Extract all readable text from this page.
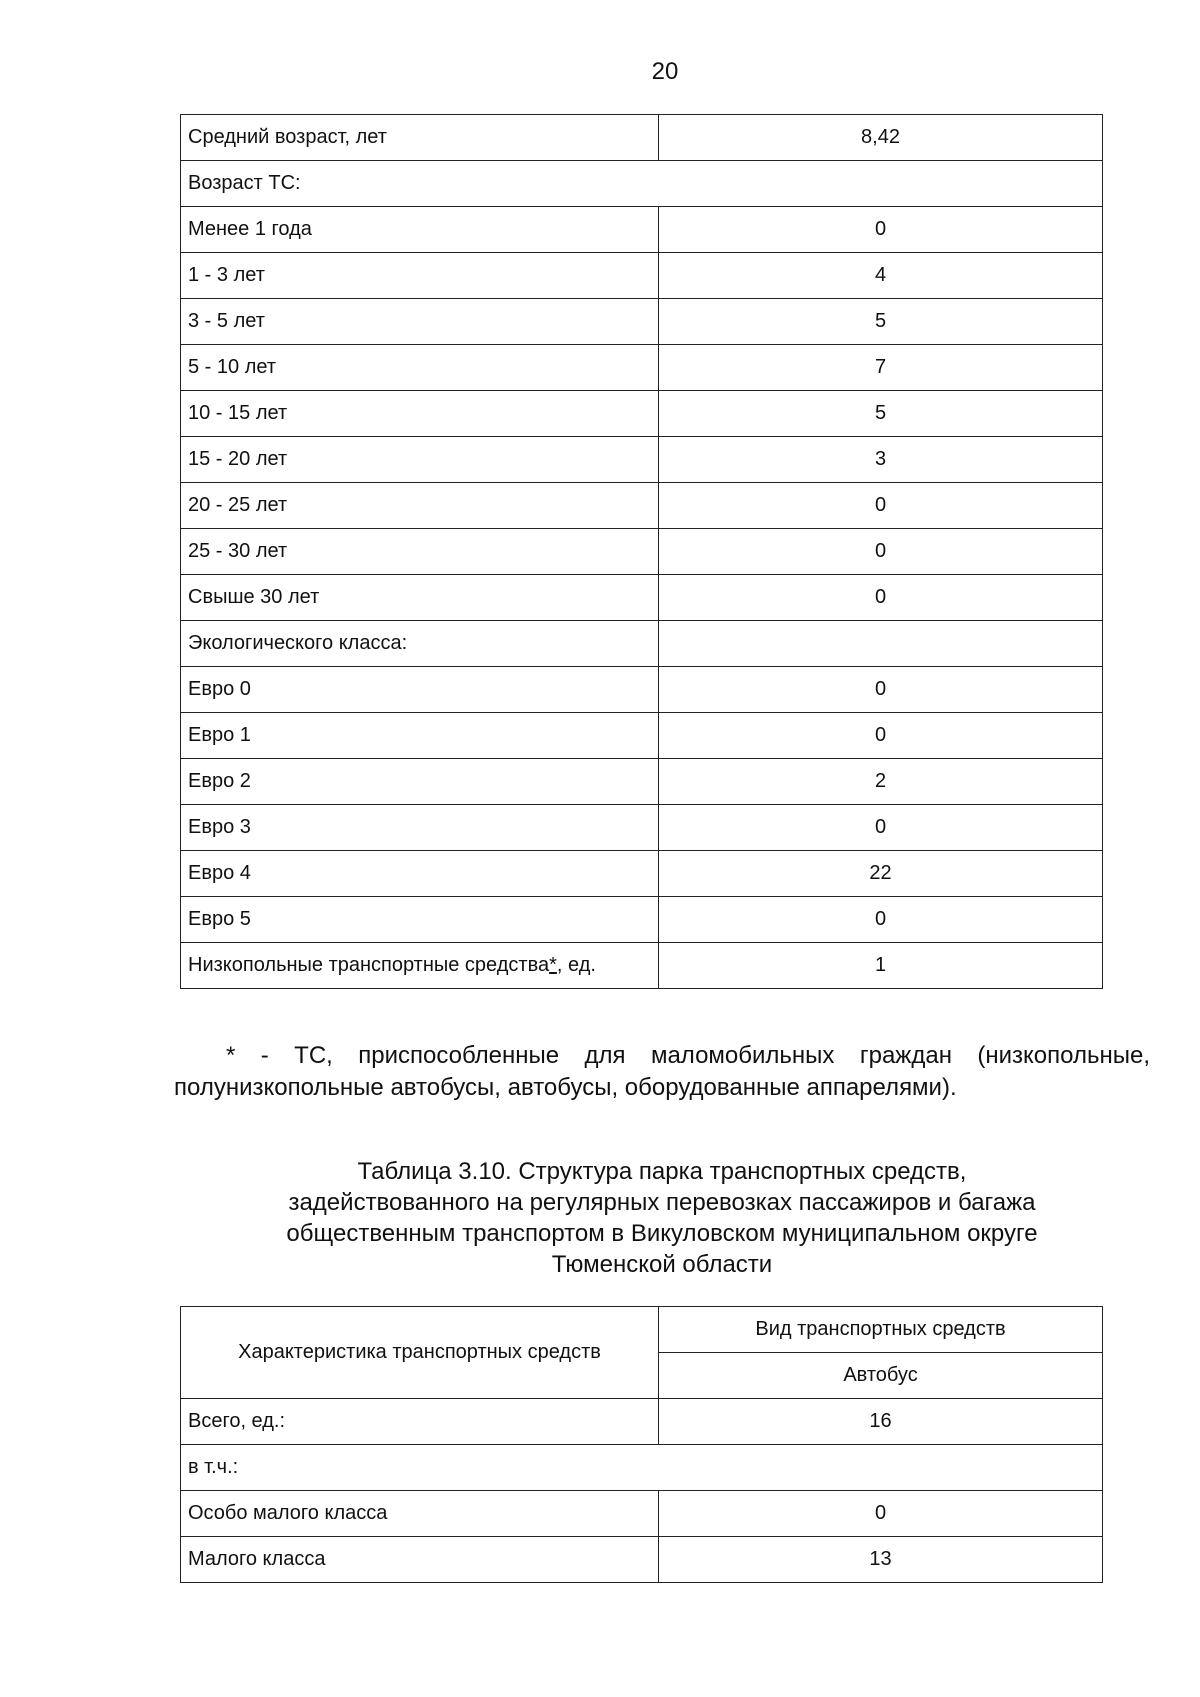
20
Средний возраст, лет	8,42
Возраст ТС:	
Менее 1 года	0
1 - 3 лет	4
3 - 5 лет	5
5 - 10 лет	7
10 - 15 лет	5
15 - 20 лет	3
20 - 25 лет	0
25 - 30 лет	0
Свыше 30 лет	0
Экологического класса:	
Евро 0	0
Евро 1	0
Евро 2	2
Евро 3	0
Евро 4	22
Евро 5	0
Низкопольные транспортные средства*, ед.	1
* - ТС, приспособленные для маломобильных граждан (низкопольные,
полунизкопольные автобусы, автобусы, оборудованные аппарелями).
Таблица 3.10. Структура парка транспортных средств,
задействованного на регулярных перевозках пассажиров и багажа
общественным транспортом в Викуловском муниципальном округе
Тюменской области
Характеристика транспортных средств	Вид транспортных средств
	Автобус
Всего, ед.:	16
в т.ч.:	
Особо малого класса	0
Малого класса	13
